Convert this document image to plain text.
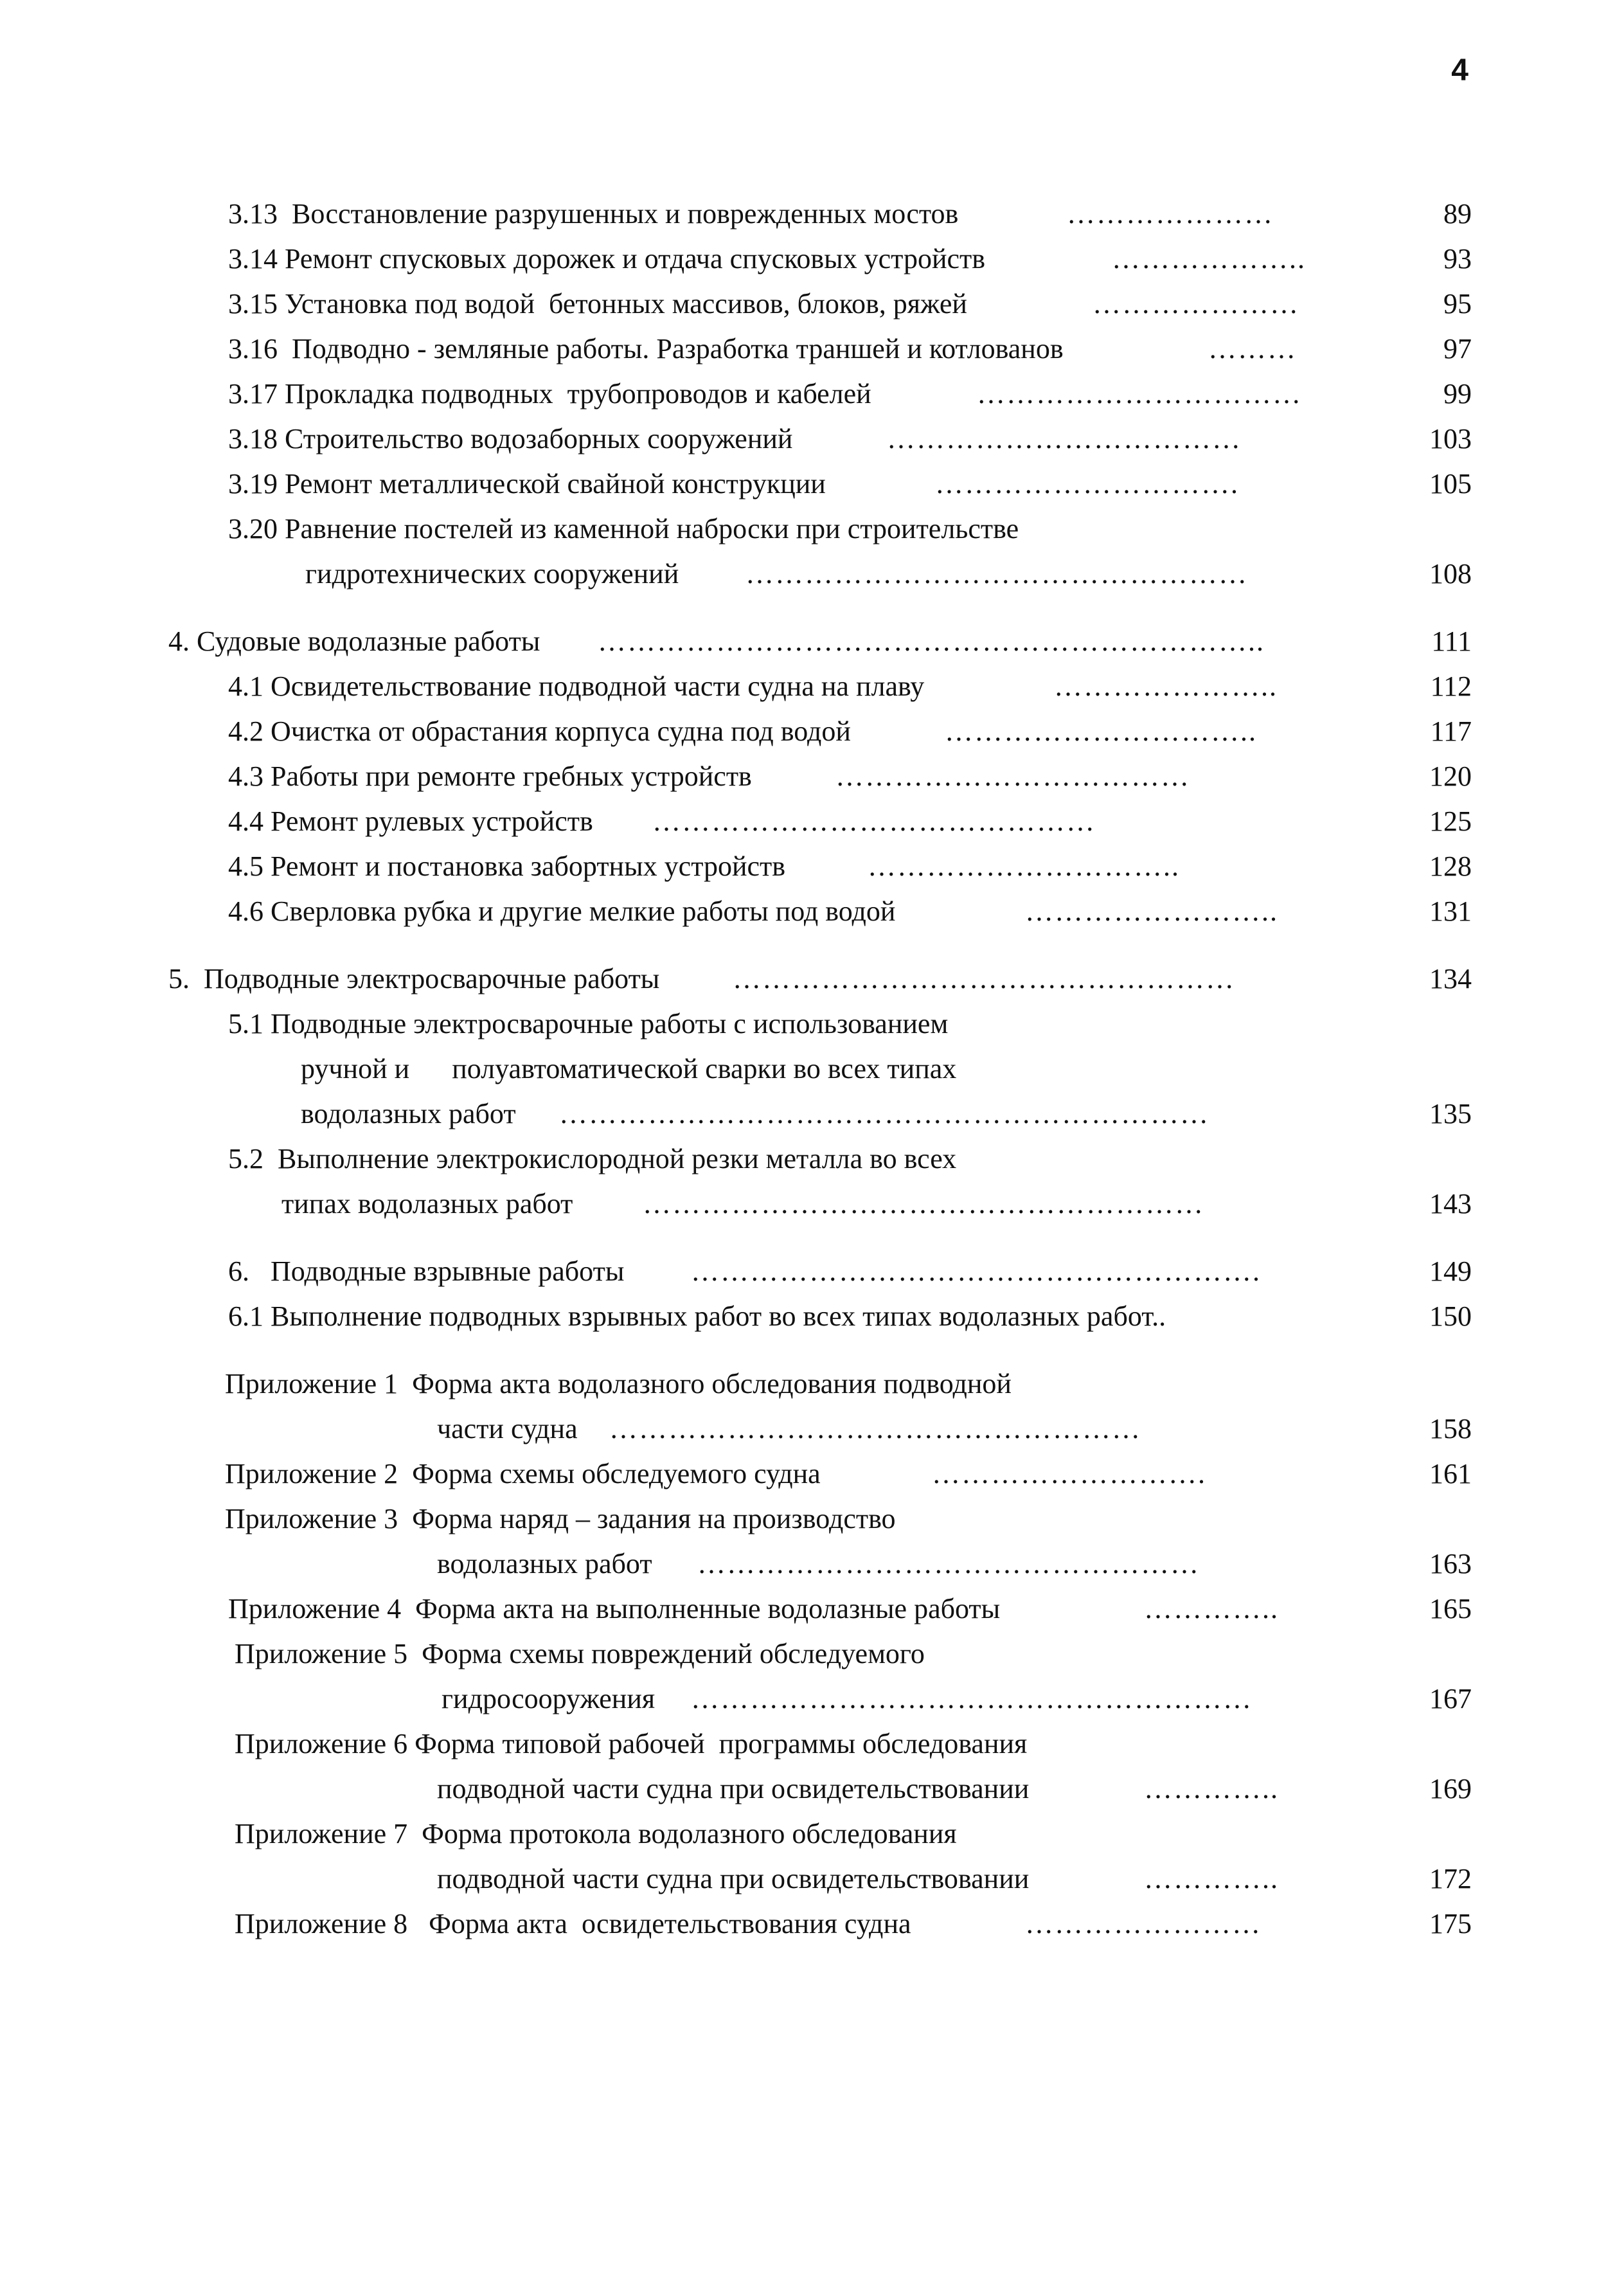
4
3.13  Восстановление разрушенных и поврежденных мостов	…………………	89
3.14 Ремонт спусковых дорожек и отдача спусковых устройств	………………..	93
3.15 Установка под водой  бетонных массивов, блоков, ряжей	…………………	95
3.16  Подводно - земляные работы. Разработка траншей и котлованов	………	97
3.17 Прокладка подводных  трубопроводов и кабелей	……………………………	99
3.18 Строительство водозаборных сооружений	………………………………	103
3.19 Ремонт металлической свайной конструкции	………………………….	105
3.20 Равнение постелей из каменной наброски при строительстве
гидротехнических сооружений ……………………………………………	108
4. Судовые водолазные работы …………………………………………………………..	111
4.1 Освидетельствование подводной части судна на плаву	…………………..	112
4.2 Очистка от обрастания корпуса судна под водой	…………………………..	117
4.3 Работы при ремонте гребных устройств	………………………………	120
4.4 Ремонт рулевых устройств ………………………………………	125
4.5 Ремонт и постановка забортных устройств	…………………………..	128
4.6 Сверловка рубка и другие мелкие работы под водой	……………………..	131
5.  Подводные электросварочные работы	……………………………………………	134
5.1 Подводные электросварочные работы с использованием
ручной и      полуавтоматической сварки во всех типах
водолазных работ …………………………………………………………	135
5.2  Выполнение электрокислородной резки металла во всех
типах водолазных работ …………………………………………………	143
6.   Подводные взрывные работы ………………………………………………….	149
6.1 Выполнение подводных взрывных работ во всех типах водолазных работ..	150
Приложение 1  Форма акта водолазного обследования подводной
части судна ………………………………………………	158
Приложение 2  Форма схемы обследуемого судна	……………………….	161
Приложение 3  Форма наряд – задания на производство
водолазных работ ……………………………………………	163
Приложение 4  Форма акта на выполненные водолазные работы	…………..	165
Приложение 5  Форма схемы повреждений обследуемого
гидросооружения …………………………………………………	167
Приложение 6 Форма типовой рабочей  программы обследования
подводной части судна при освидетельствовании	…………..	169
Приложение 7  Форма протокола водолазного обследования
подводной части судна при освидетельствовании	…………..	172
Приложение 8   Форма акта  освидетельствования судна	……………………	175
